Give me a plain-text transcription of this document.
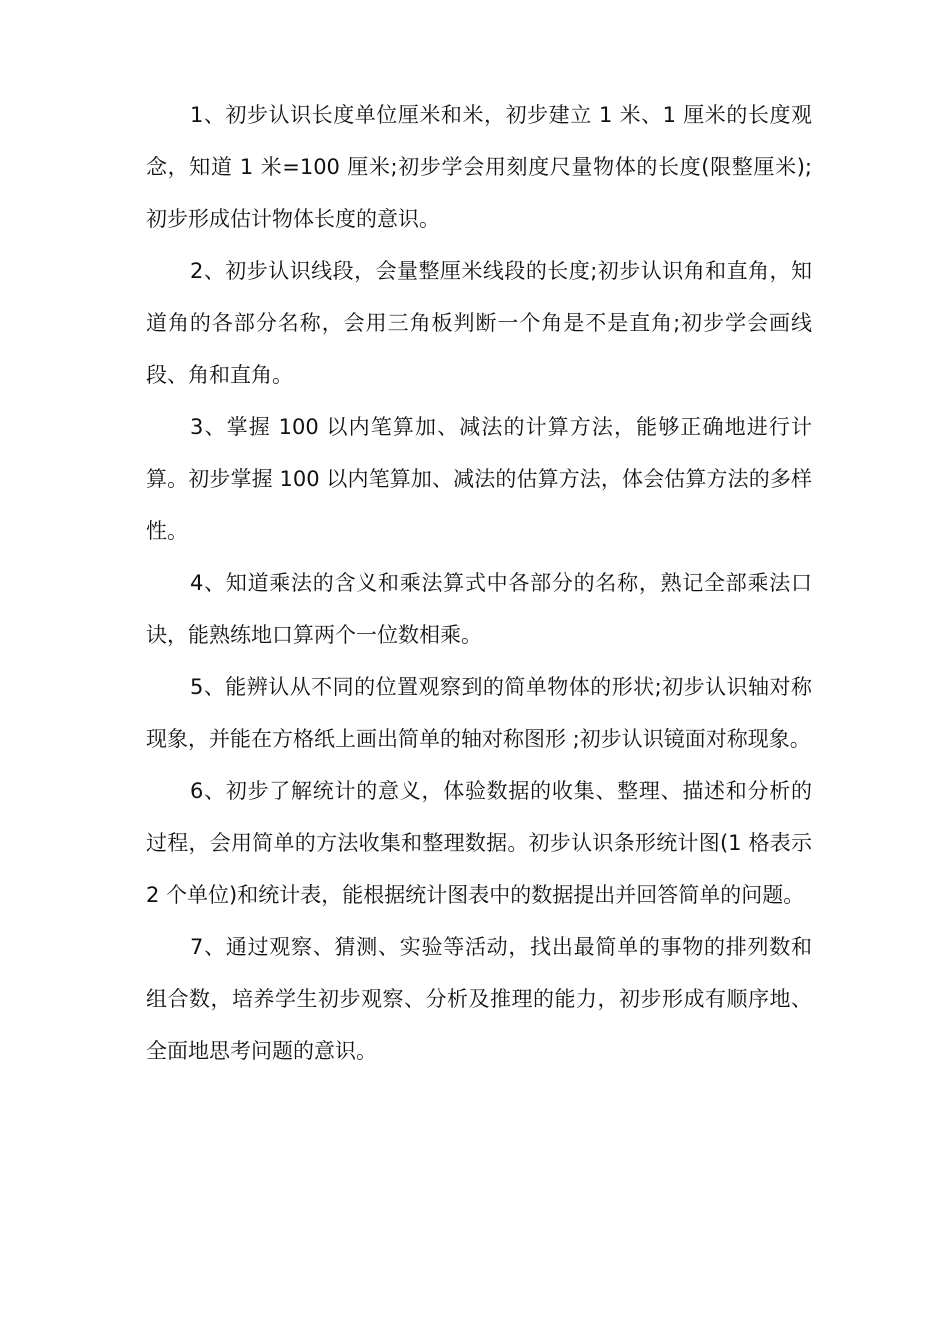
1、初步认识长度单位厘米和米，初步建立 1 米、1 厘米的长度观念，知道 1 米=100 厘米;初步学会用刻度尺量物体的长度(限整厘米);初步形成估计物体长度的意识。

2、初步认识线段，会量整厘米线段的长度;初步认识角和直角，知道角的各部分名称，会用三角板判断一个角是不是直角;初步学会画线段、角和直角。

3、掌握 100 以内笔算加、减法的计算方法，能够正确地进行计算。初步掌握 100 以内笔算加、减法的估算方法，体会估算方法的多样性。

4、知道乘法的含义和乘法算式中各部分的名称，熟记全部乘法口诀，能熟练地口算两个一位数相乘。

5、能辨认从不同的位置观察到的简单物体的形状;初步认识轴对称现象，并能在方格纸上画出简单的轴对称图形 ;初步认识镜面对称现象。

6、初步了解统计的意义，体验数据的收集、整理、描述和分析的过程，会用简单的方法收集和整理数据。初步认识条形统计图(1 格表示 2 个单位)和统计表，能根据统计图表中的数据提出并回答简单的问题。

7、通过观察、猜测、实验等活动，找出最简单的事物的排列数和组合数，培养学生初步观察、分析及推理的能力，初步形成有顺序地、全面地思考问题的意识。
